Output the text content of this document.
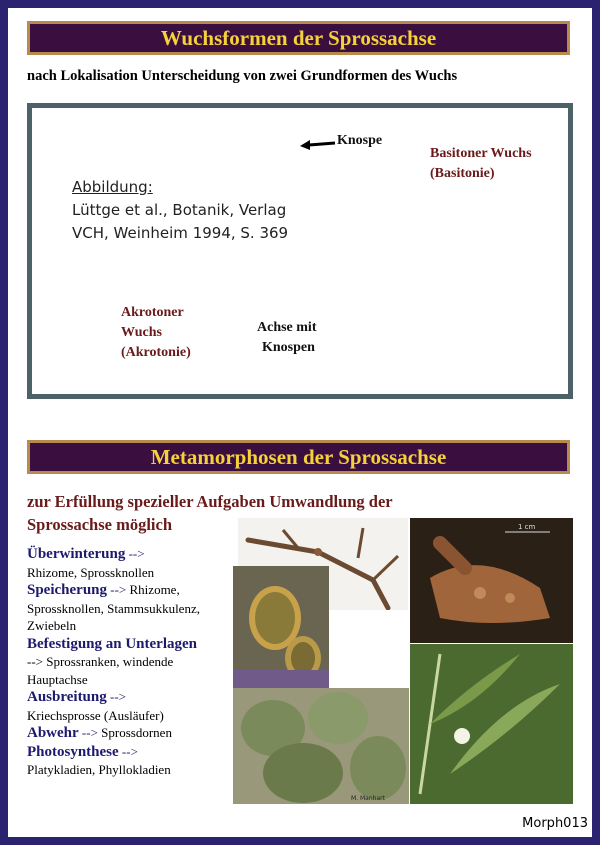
Wuchsformen der Sprossachse
nach Lokalisation Unterscheidung von zwei Grundformen des Wuchs
Knospe
Basitoner Wuchs
(Basitonie)
Abbildung:
Lüttge et al., Botanik, Verlag
VCH, Weinheim 1994, S. 369
Akrotoner
Wuchs
(Akrotonie)
Achse mit
Knospen
Metamorphosen der Sprossachse
zur Erfüllung spezieller Aufgaben Umwandlung der
Sprossachse möglich
Überwinterung -->
Rhizome, Sprossknollen
Speicherung --> Rhizome, Sprossknollen, Stammsukkulenz, Zwiebeln
Befestigung an Unterlagen
--> Sprossranken, windende Hauptachse
Ausbreitung -->
Kriechsprosse (Ausläufer)
Abwehr --> Sprossdornen
Photosynthese -->
Platykladien, Phyllokladien
1 cm
M. Manhart
Morph013
